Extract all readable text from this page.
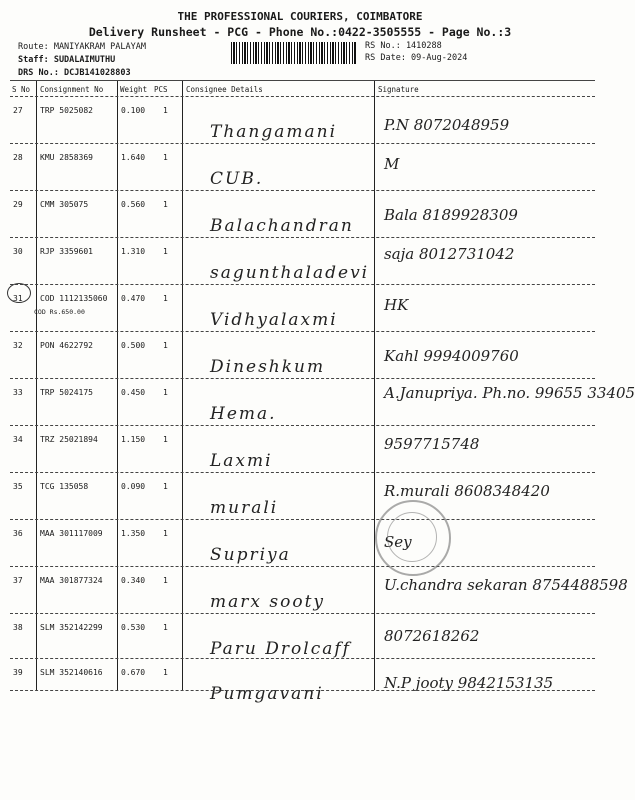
THE PROFESSIONAL COURIERS, COIMBATORE
Delivery Runsheet - PCG - Phone No.:0422-3505555 - Page No.:3
Route: MANIYAKRAM PALAYAM
Staff: SUDALAIMUTHU
DRS No.: DCJB141028803
RS No.: 1410288
RS Date: 09-Aug-2024
S No Consignment No Weight PCS Consignee Details	Signature
27 TRP 5025082	0.100 1
Thangamani	P.N 8072048959
28 KMU 2858369	1.640 1
CUB.
M
29 CMM 305075	0.560 1
Balachandran
Bala 8189928309
30 RJP 3359601	1.310 1
sagunthaladevi
saja 8012731042
31 COD 1112135060 0.470 1
Vidhyalaxmi
HK
COD Rs.650.00
32 PON 4622792	0.500 1
Dineshkum
Kahl 9994009760
33 TRP 5024175	0.450 1
Hema.
A.Janupriya. Ph.no. 99655 33405
34 TRZ 25021894	1.150 1
Laxmi
9597715748
35 TCG 135058	0.090 1
murali
R.murali 8608348420
36 MAA 301117009 1.350 1
Supriya
Sey
37 MAA 301877324 0.340 1
marx sooty
U.chandra sekaran 8754488598
38 SLM 352142299 0.530 1
Paru Drolcaff
8072618262
39 SLM 352140616 0.670 1
Pumgavani
N.P jooty 9842153135
